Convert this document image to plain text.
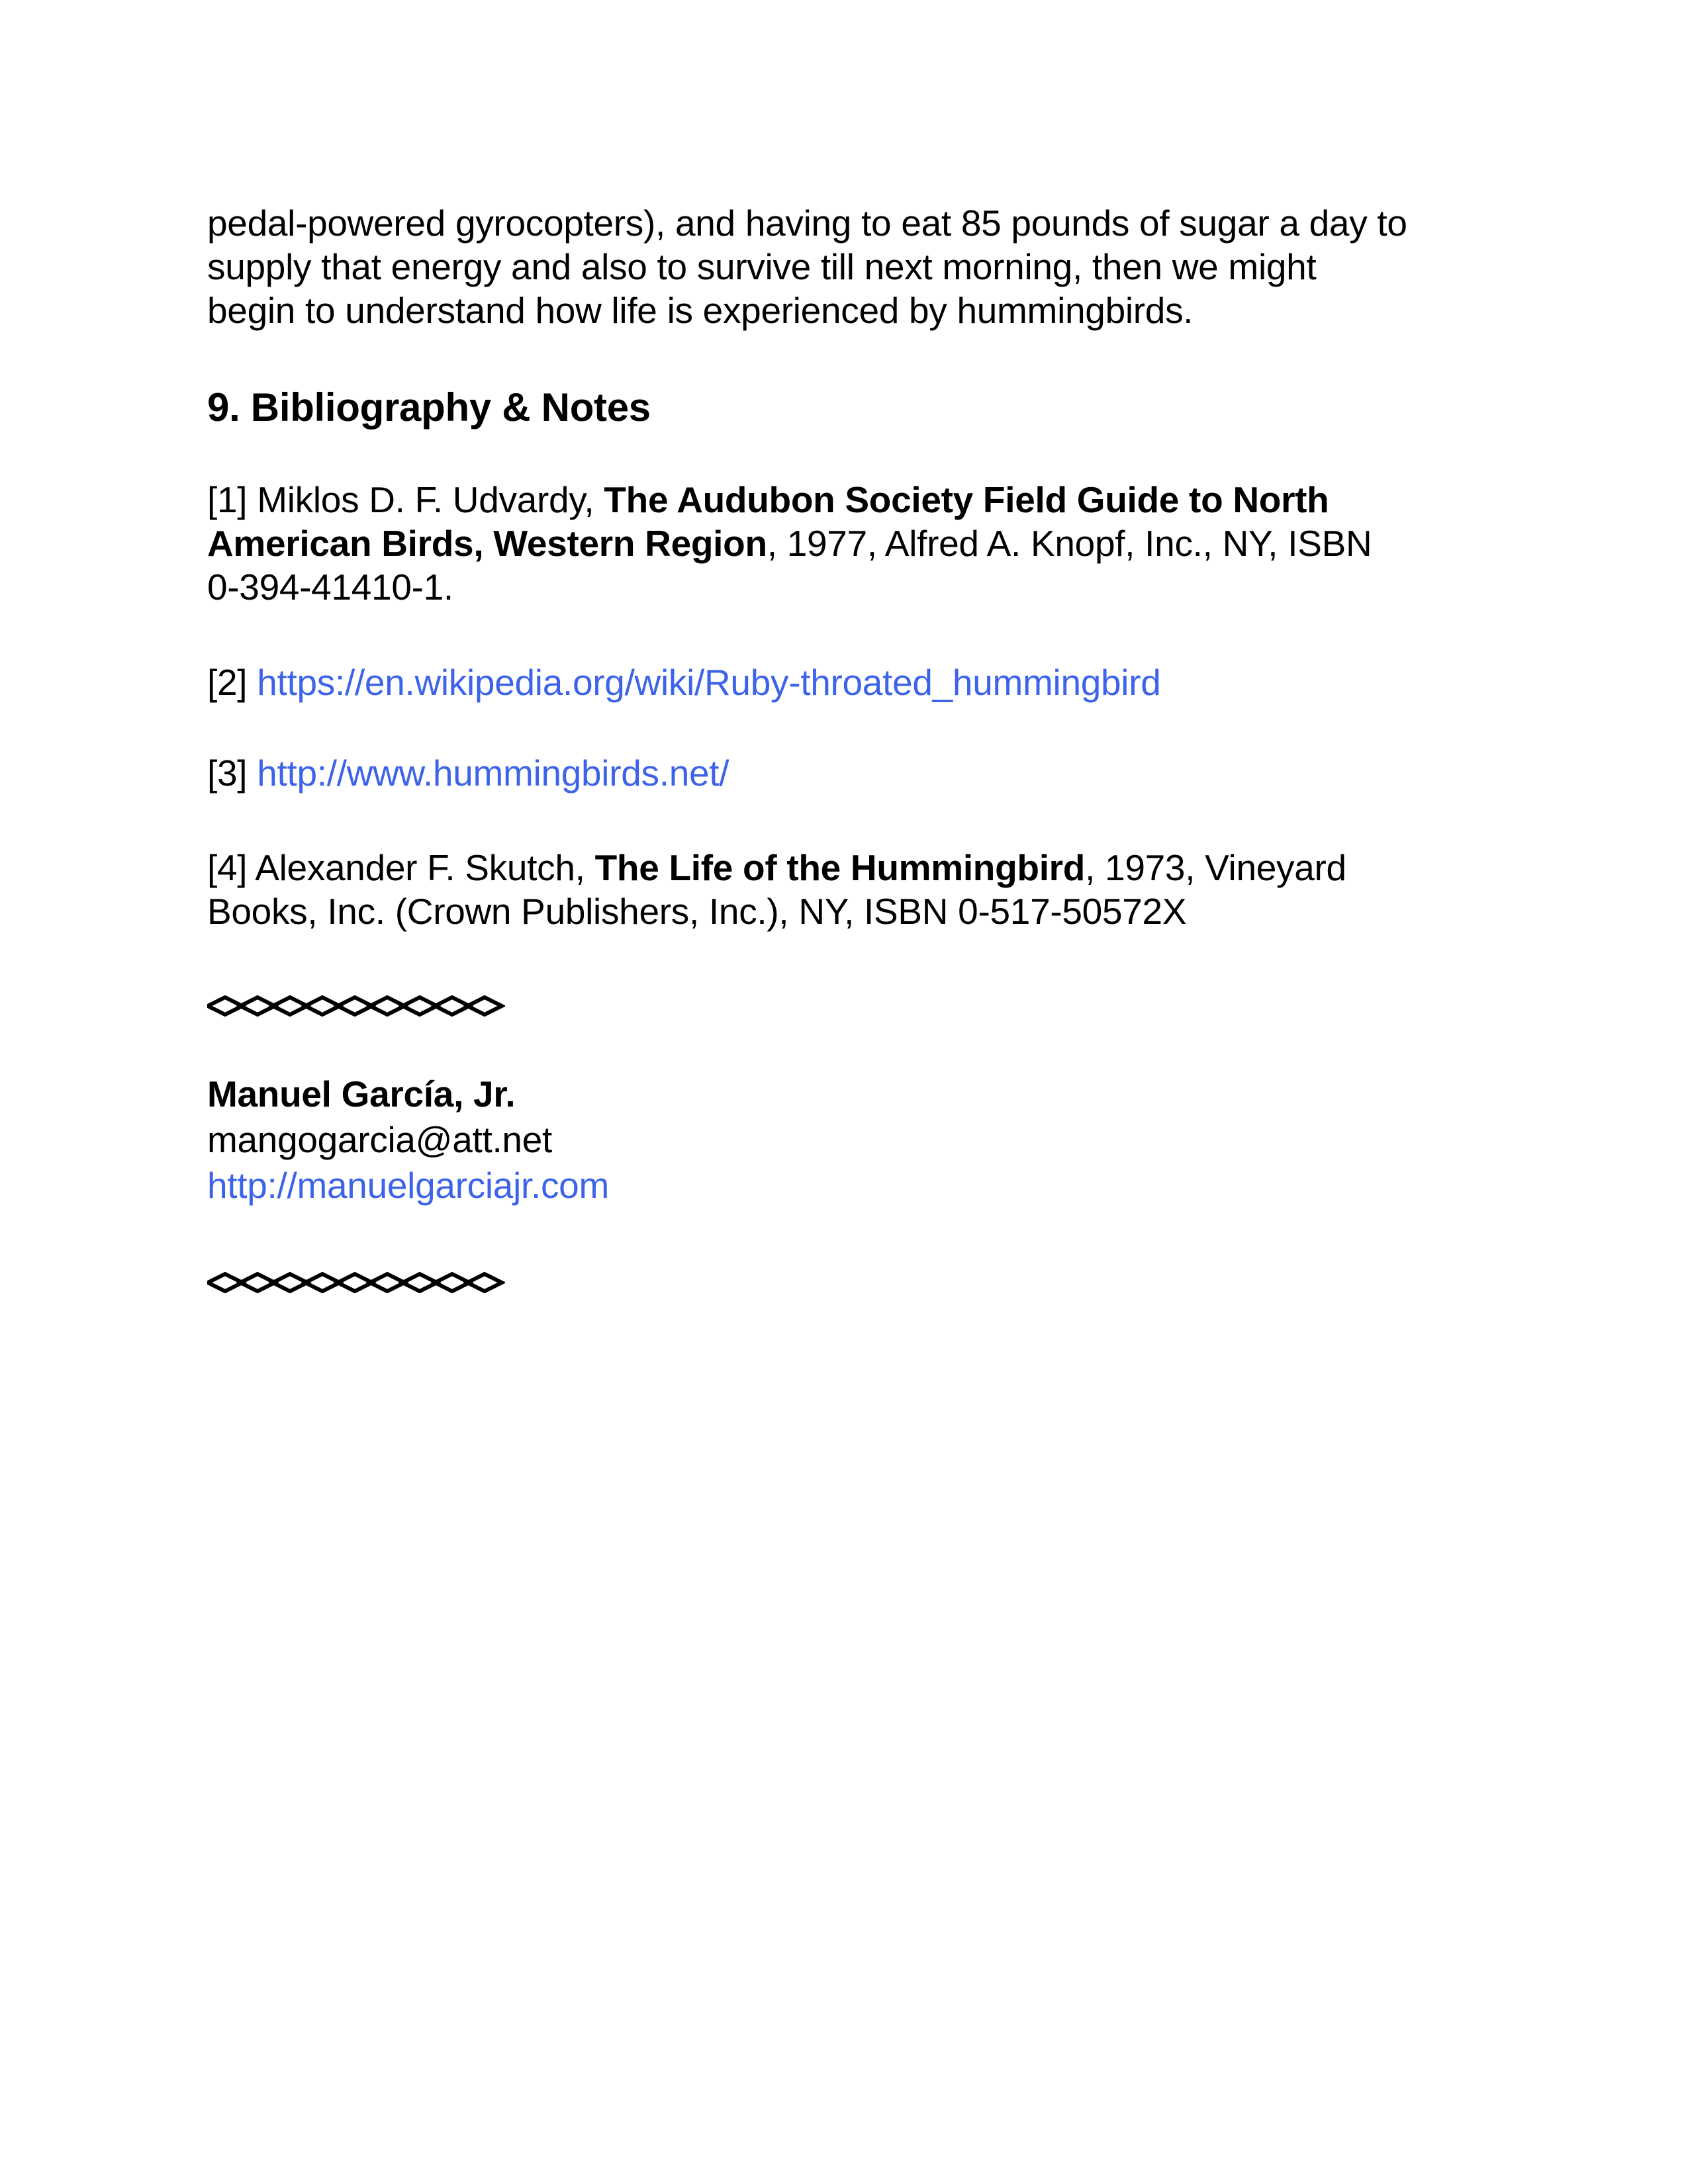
pedal-powered gyrocopters), and having to eat 85 pounds of sugar a day to
supply that energy and also to survive till next morning, then we might
begin to understand how life is experienced by hummingbirds.
9. Bibliography & Notes
[1] Miklos D. F. Udvardy, The Audubon Society Field Guide to North
American Birds, Western Region, 1977, Alfred A. Knopf, Inc., NY, ISBN
0-394-41410-1.
[2] https://en.wikipedia.org/wiki/Ruby-throated_hummingbird
[3] http://www.hummingbirds.net/
[4] Alexander F. Skutch, The Life of the Hummingbird, 1973, Vineyard
Books, Inc. (Crown Publishers, Inc.), NY, ISBN 0-517-50572X
Manuel García, Jr.
mangogarcia@att.net
http://manuelgarciajr.com
